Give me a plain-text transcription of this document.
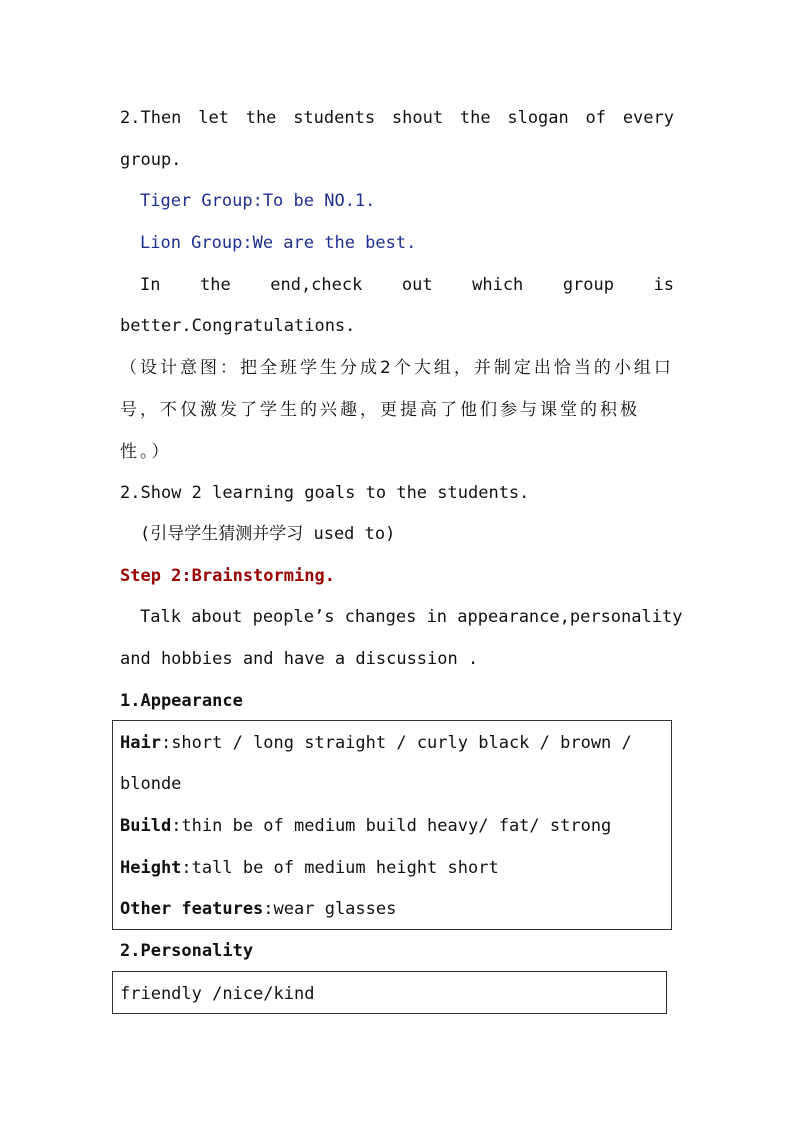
2.Then let the students shout the slogan of every
group.
Tiger Group:To be NO.1.
Lion Group:We are the best.
In the end,check out which group is
better.Congratulations.
（设计意图：把全班学生分成2个大组，并制定出恰当的小组口
号，不仅激发了学生的兴趣，更提高了他们参与课堂的积极
性。）
2.Show 2 learning goals to the students.
(引导学生猜测并学习 used to)
Step 2:Brainstorming.
Talk about people’s changes in appearance,personality
and hobbies and have a discussion .
1.Appearance
Hair:short / long straight / curly black / brown /
blonde
Build:thin be of medium build heavy/ fat/ strong
Height:tall be of medium height short
Other features:wear glasses
2.Personality
friendly /nice/kind
